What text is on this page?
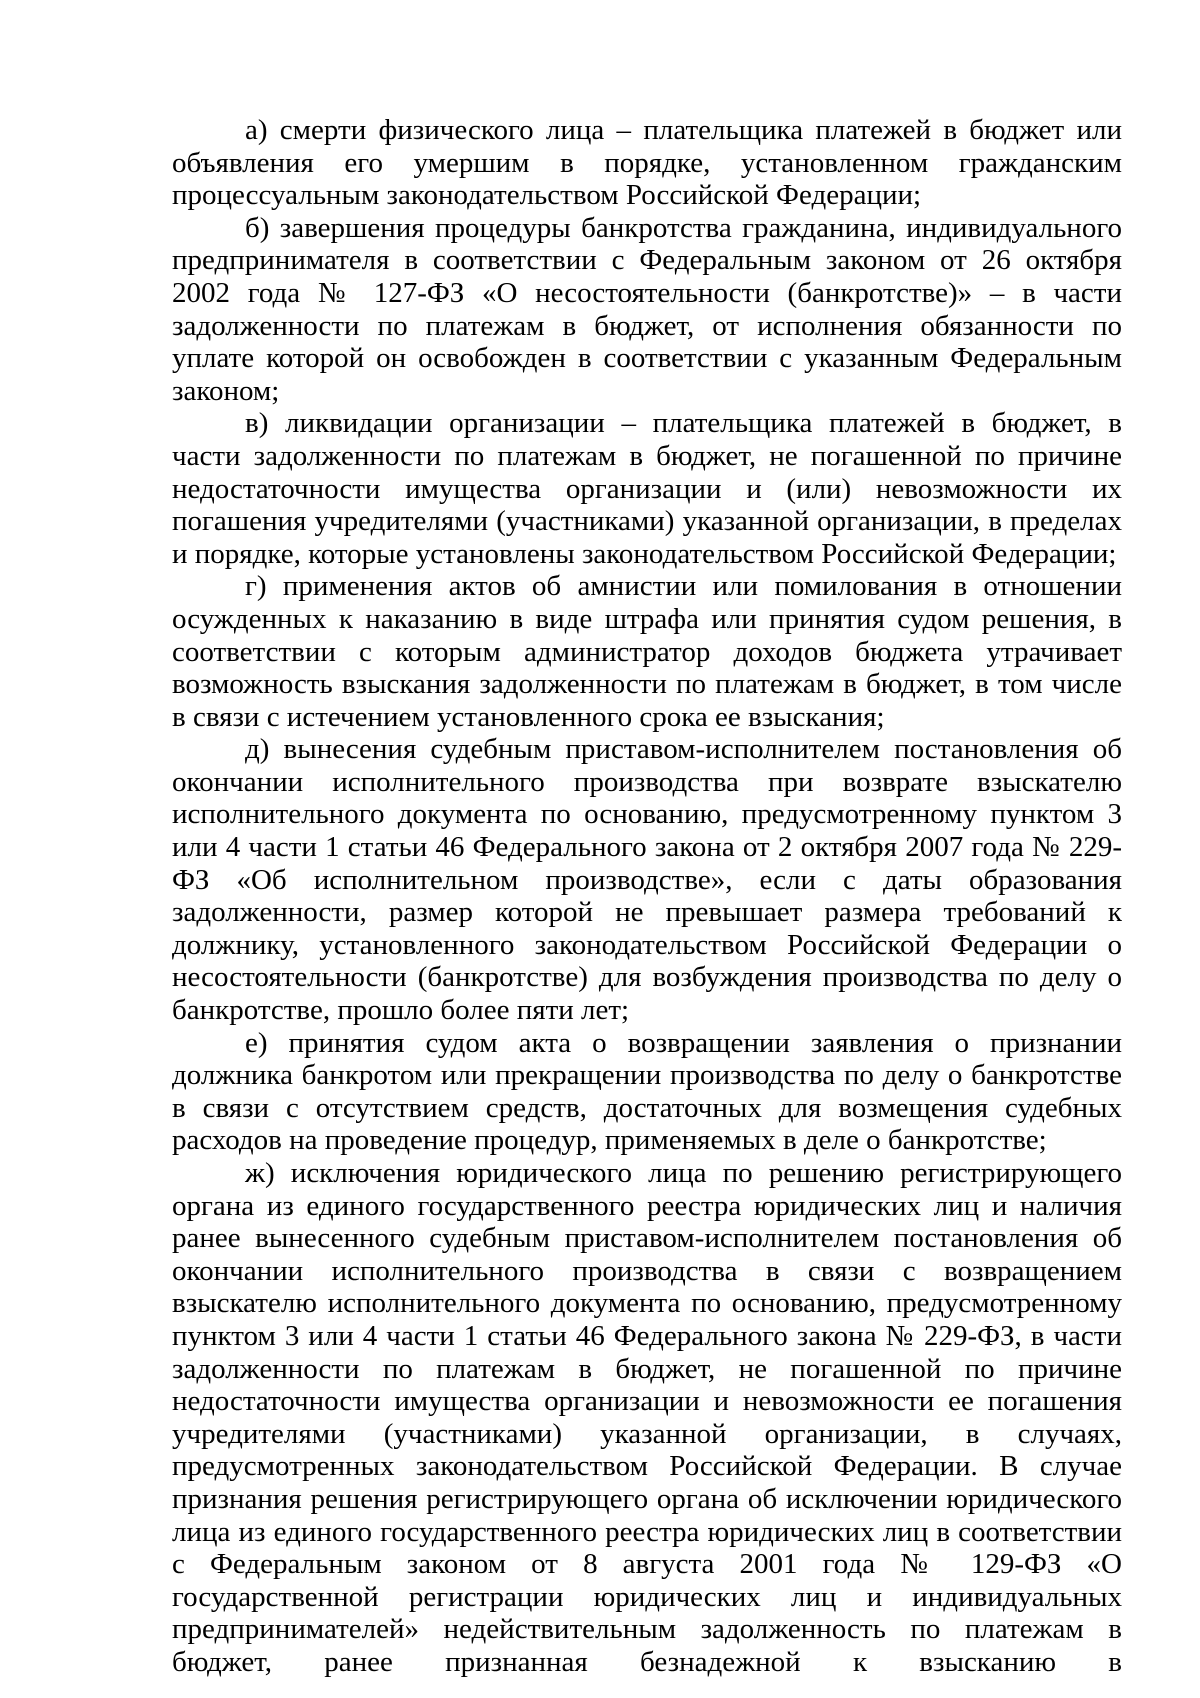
а) смерти физического лица – плательщика платежей в бюджет или объявления его умершим в порядке, установленном гражданским процессуальным законодательством Российской Федерации;

б) завершения процедуры банкротства гражданина, индивидуального предпринимателя в соответствии с Федеральным законом от 26 октября 2002 года № 127-ФЗ «О несостоятельности (банкротстве)» – в части задолженности по платежам в бюджет, от исполнения обязанности по уплате которой он освобожден в соответствии с указанным Федеральным законом;

в) ликвидации организации – плательщика платежей в бюджет, в части задолженности по платежам в бюджет, не погашенной по причине недостаточности имущества организации и (или) невозможности их погашения учредителями (участниками) указанной организации, в пределах и порядке, которые установлены законодательством Российской Федерации;

г) применения актов об амнистии или помилования в отношении осужденных к наказанию в виде штрафа или принятия судом решения, в соответствии с которым администратор доходов бюджета утрачивает возможность взыскания задолженности по платежам в бюджет, в том числе в связи с истечением установленного срока ее взыскания;

д) вынесения судебным приставом-исполнителем постановления об окончании исполнительного производства при возврате взыскателю исполнительного документа по основанию, предусмотренному пунктом 3 или 4 части 1 статьи 46 Федерального закона от 2 октября 2007 года № 229-ФЗ «Об исполнительном производстве», если с даты образования задолженности, размер которой не превышает размера требований к должнику, установленного законодательством Российской Федерации о несостоятельности (банкротстве) для возбуждения производства по делу о банкротстве, прошло более пяти лет;

е) принятия судом акта о возвращении заявления о признании должника банкротом или прекращении производства по делу о банкротстве в связи с отсутствием средств, достаточных для возмещения судебных расходов на проведение процедур, применяемых в деле о банкротстве;

ж) исключения юридического лица по решению регистрирующего органа из единого государственного реестра юридических лиц и наличия ранее вынесенного судебным приставом-исполнителем постановления об окончании исполнительного производства в связи с возвращением взыскателю исполнительного документа по основанию, предусмотренному пунктом 3 или 4 части 1 статьи 46 Федерального закона № 229-ФЗ, в части задолженности по платежам в бюджет, не погашенной по причине недостаточности имущества организации и невозможности ее погашения учредителями (участниками) указанной организации, в случаях, предусмотренных законодательством Российской Федерации. В случае признания решения регистрирующего органа об исключении юридического лица из единого государственного реестра юридических лиц в соответствии с Федеральным законом от 8 августа 2001 года № 129-ФЗ «О государственной регистрации юридических лиц и индивидуальных предпринимателей» недействительным задолженность по платежам в бюджет, ранее признанная безнадежной к взысканию в
